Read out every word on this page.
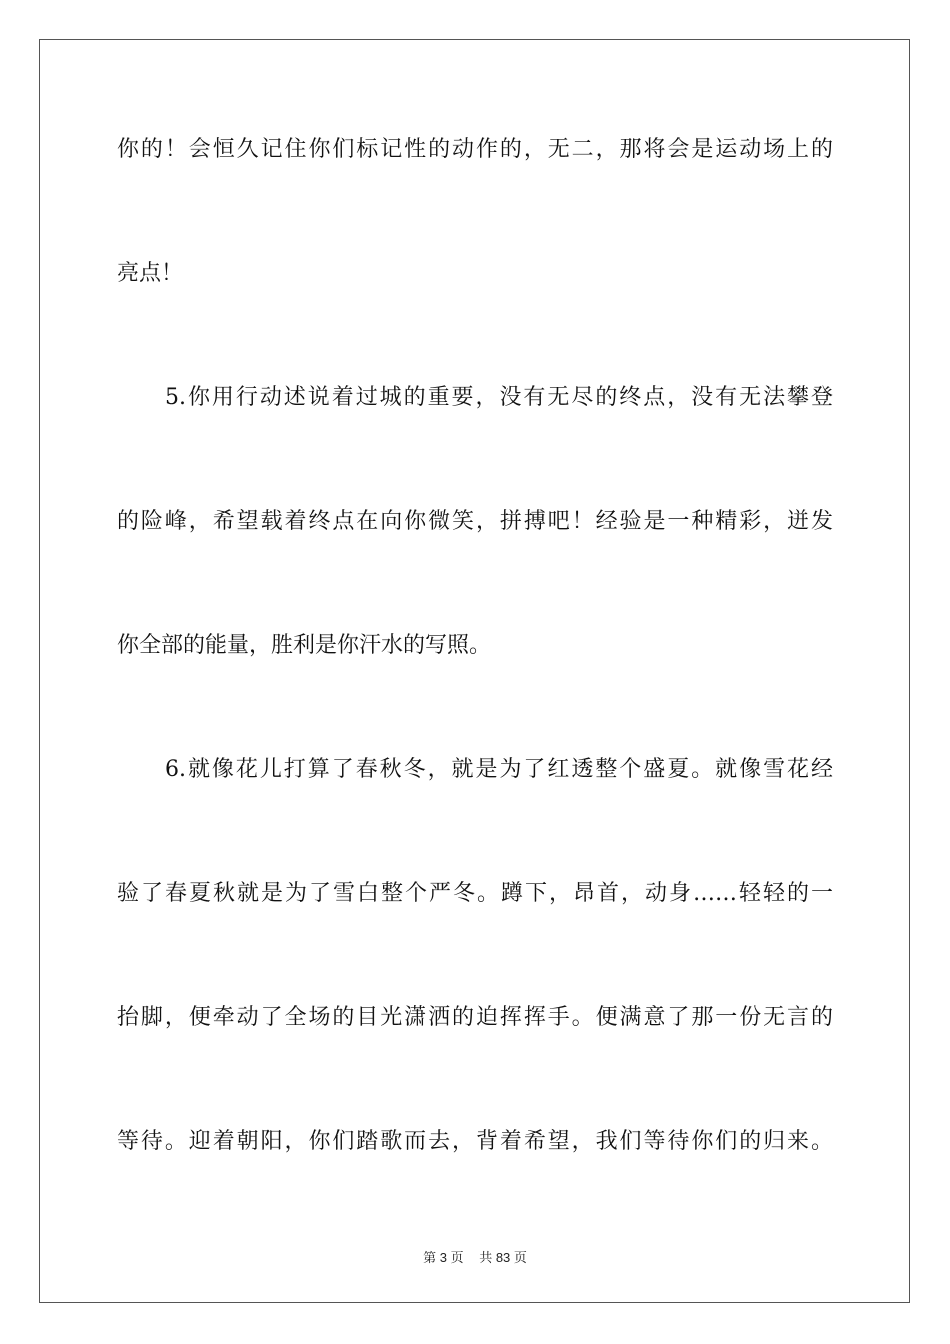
你的！会恒久记住你们标记性的动作的，无二，那将会是运动场上的
亮点！
5.你用行动述说着过城的重要，没有无尽的终点，没有无法攀登
的险峰，希望载着终点在向你微笑，拼搏吧！经验是一种精彩，迸发
你全部的能量，胜利是你汗水的写照。
6.就像花儿打算了春秋冬，就是为了红透整个盛夏。就像雪花经
验了春夏秋就是为了雪白整个严冬。蹲下，昂首，动身……轻轻的一
抬脚，便牵动了全场的目光潇洒的迫挥挥手。便满意了那一份无言的
等待。迎着朝阳，你们踏歌而去，背着希望，我们等待你们的归来。
第 3 页 共 83 页
